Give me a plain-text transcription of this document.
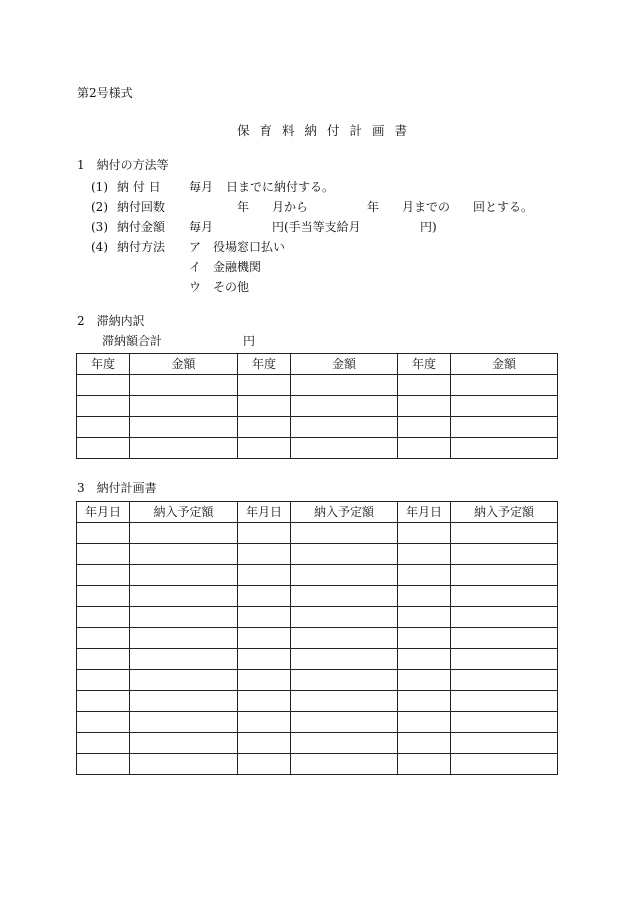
第2号様式
保育料納付計画書
1　納付の方法等
(1) 納 付 日 毎月 日までに納付する。
(2) 納付回数	年 月から	年 月までの 回とする。
(3) 納付金額 毎月	円(手当等支給月	円)
(4) 納付方法 ア　役場窓口払い
イ　金融機関
ウ　その他
2　滞納内訳
滞納額合計	円
年度	金額	年度	金額	年度	金額

3　納付計画書
年月日	納入予定額	年月日	納入予定額	年月日	納入予定額
